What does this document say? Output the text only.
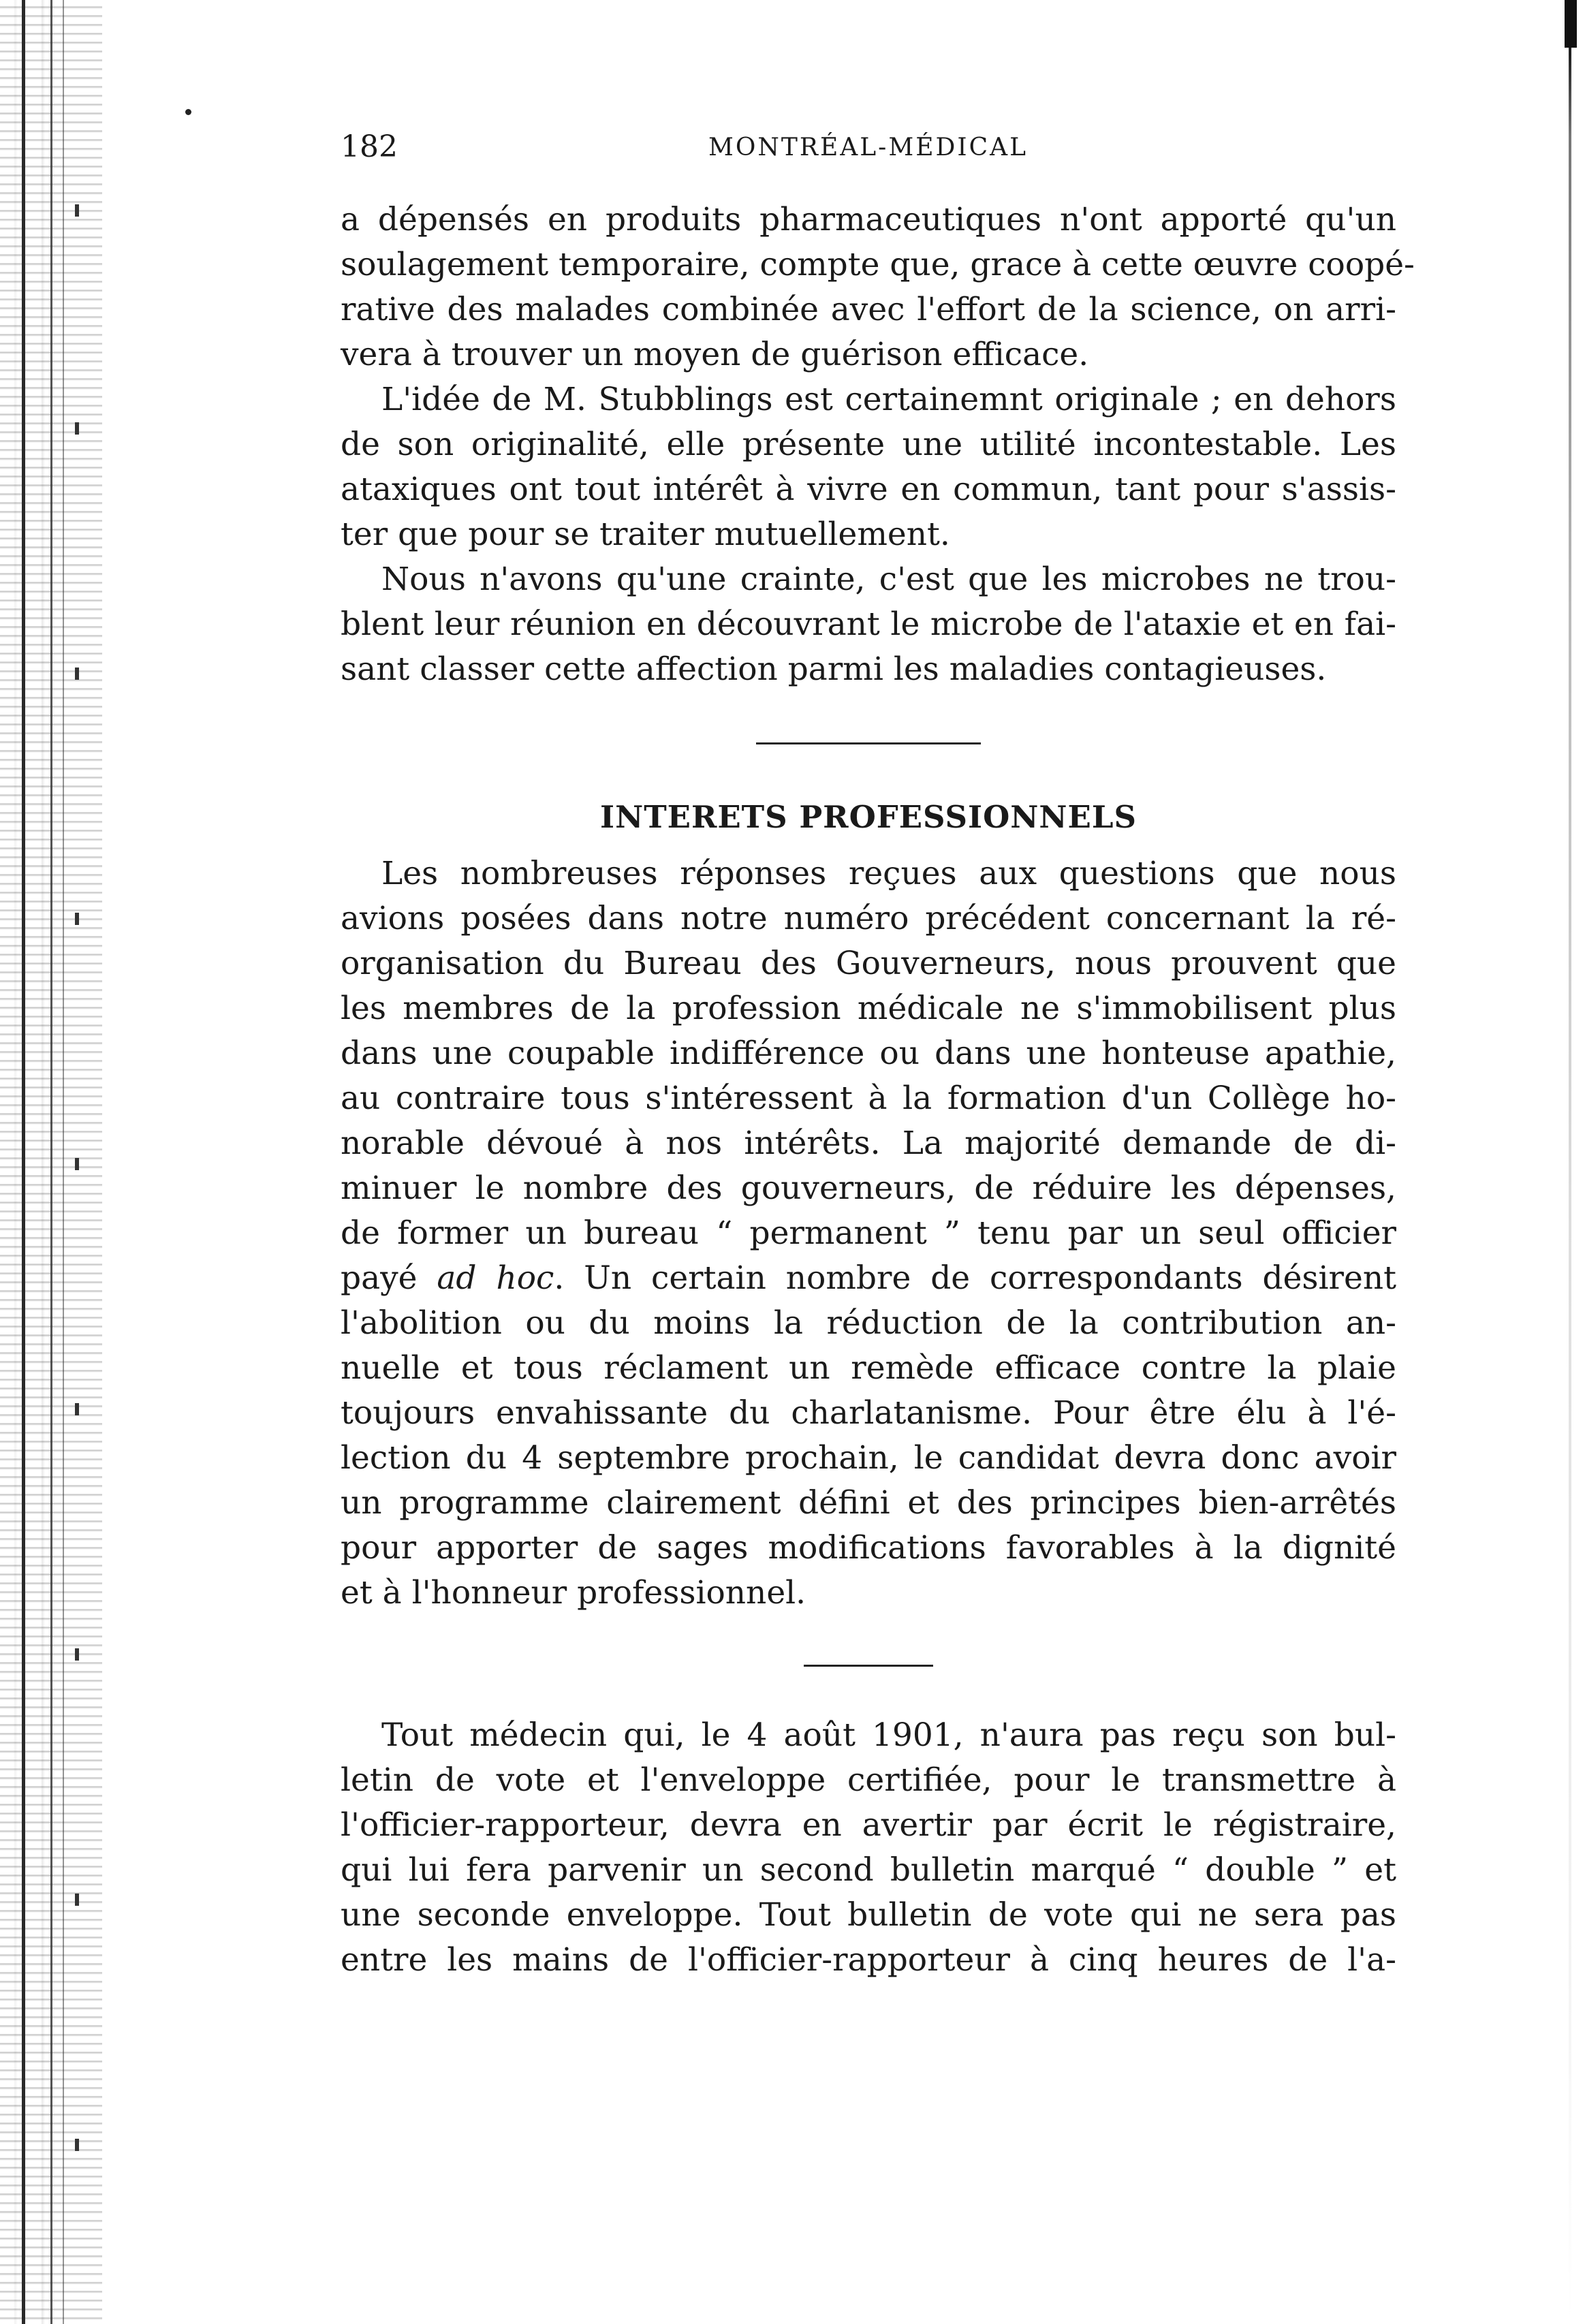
182	MONTRÉAL-MÉDICAL

a dépensés en produits pharmaceutiques n'ont apporté qu'un
soulagement temporaire, compte que, grace à cette œuvre coopé-
rative des malades combinée avec l'effort de la science, on arri-
vera à trouver un moyen de guérison efficace.

L'idée de M. Stubblings est certainemnt originale ; en dehors
de son originalité, elle présente une utilité incontestable. Les
ataxiques ont tout intérêt à vivre en commun, tant pour s'assis-
ter que pour se traiter mutuellement.

Nous n'avons qu'une crainte, c'est que les microbes ne trou-
blent leur réunion en découvrant le microbe de l'ataxie et en fai-
sant classer cette affection parmi les maladies contagieuses.

INTERETS PROFESSIONNELS

Les nombreuses réponses reçues aux questions que nous
avions posées dans notre numéro précédent concernant la ré-
organisation du Bureau des Gouverneurs, nous prouvent que
les membres de la profession médicale ne s'immobilisent plus
dans une coupable indifférence ou dans une honteuse apathie,
au contraire tous s'intéressent à la formation d'un Collège ho-
norable dévoué à nos intérêts. La majorité demande de di-
minuer le nombre des gouverneurs, de réduire les dépenses,
de former un bureau “ permanent ” tenu par un seul officier
payé ad hoc. Un certain nombre de correspondants désirent
l'abolition ou du moins la réduction de la contribution an-
nuelle et tous réclament un remède efficace contre la plaie
toujours envahissante du charlatanisme. Pour être élu à l'é-
lection du 4 septembre prochain, le candidat devra donc avoir
un programme clairement défini et des principes bien-arrêtés
pour apporter de sages modifications favorables à la dignité
et à l'honneur professionnel.

Tout médecin qui, le 4 août 1901, n'aura pas reçu son bul-
letin de vote et l'enveloppe certifiée, pour le transmettre à
l'officier-rapporteur, devra en avertir par écrit le régistraire,
qui lui fera parvenir un second bulletin marqué “ double ” et
une seconde enveloppe. Tout bulletin de vote qui ne sera pas
entre les mains de l'officier-rapporteur à cinq heures de l'a-
